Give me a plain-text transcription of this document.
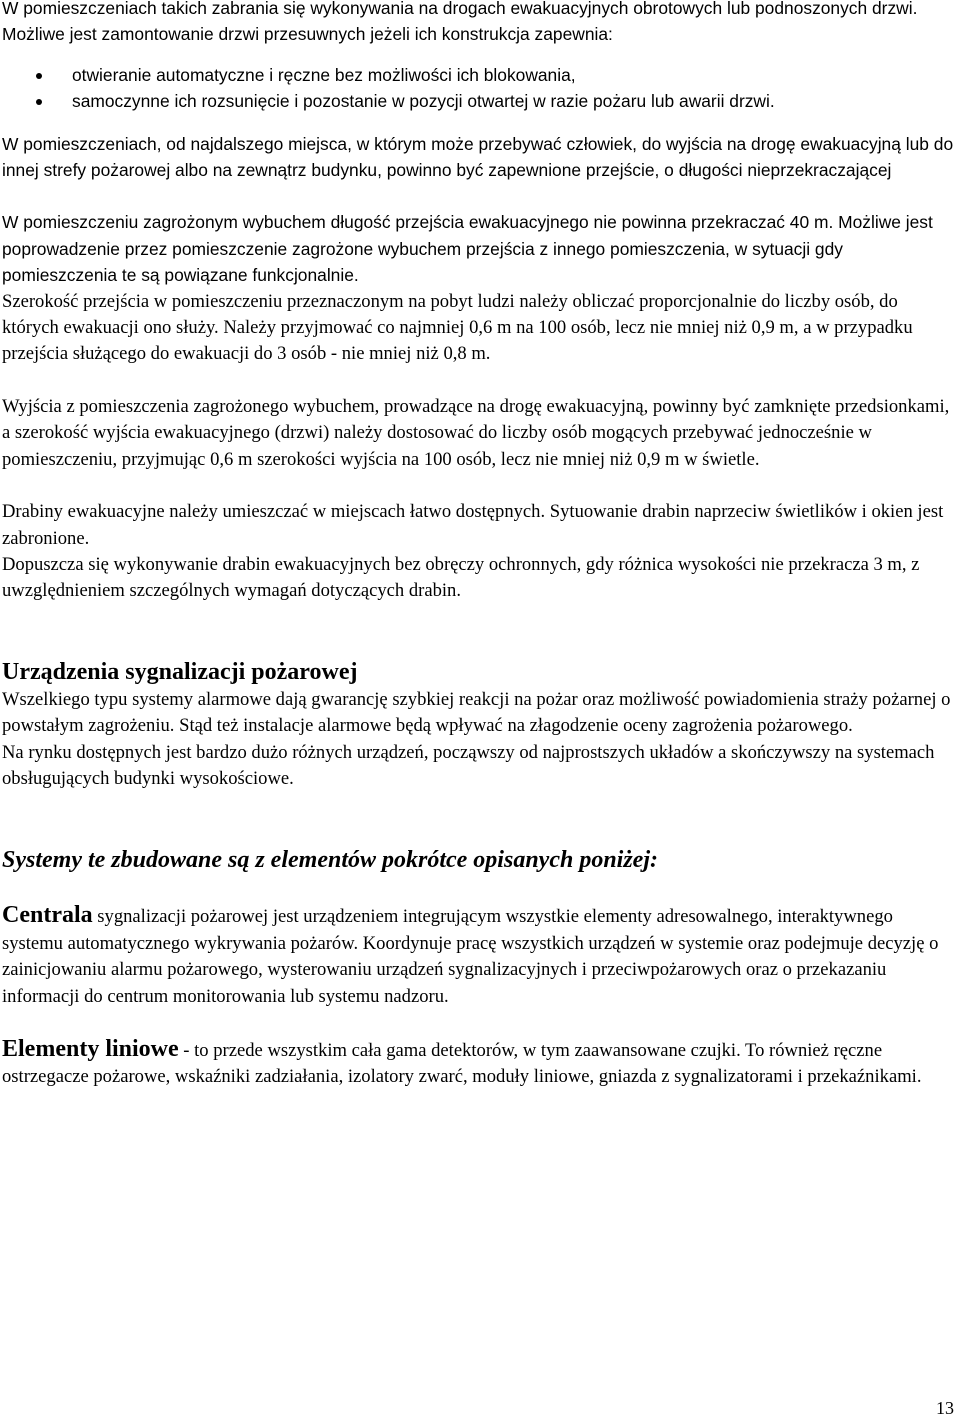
W pomieszczeniach takich zabrania się wykonywania na drogach ewakuacyjnych obrotowych lub podnoszonych drzwi. Możliwe jest zamontowanie drzwi przesuwnych jeżeli ich konstrukcja zapewnia:

otwieranie automatyczne i ręczne bez możliwości ich blokowania,
samoczynne ich rozsunięcie i pozostanie w pozycji otwartej w razie pożaru lub awarii drzwi.

W pomieszczeniach, od najdalszego miejsca, w którym może przebywać człowiek, do wyjścia na drogę ewakuacyjną lub do innej strefy pożarowej albo na zewnątrz budynku, powinno być zapewnione przejście, o długości nieprzekraczającej

W pomieszczeniu zagrożonym wybuchem długość przejścia ewakuacyjnego nie powinna przekraczać 40 m. Możliwe jest poprowadzenie przez pomieszczenie zagrożone wybuchem przejścia z innego pomieszczenia, w sytuacji gdy pomieszczenia te są powiązane funkcjonalnie.

Szerokość przejścia w pomieszczeniu przeznaczonym na pobyt ludzi należy obliczać proporcjonalnie do liczby osób, do których ewakuacji ono służy. Należy przyjmować co najmniej 0,6 m na 100 osób, lecz nie mniej niż 0,9 m, a w przypadku przejścia służącego do ewakuacji do 3 osób - nie mniej niż 0,8 m.

Wyjścia z pomieszczenia zagrożonego wybuchem, prowadzące na drogę ewakuacyjną, powinny być zamknięte przedsionkami, a szerokość wyjścia ewakuacyjnego (drzwi) należy dostosować do liczby osób mogących przebywać jednocześnie w pomieszczeniu, przyjmując 0,6 m szerokości wyjścia na 100 osób, lecz nie mniej niż 0,9 m w świetle.

Drabiny ewakuacyjne należy umieszczać w miejscach łatwo dostępnych. Sytuowanie drabin naprzeciw świetlików i okien jest zabronione.

Dopuszcza się wykonywanie drabin ewakuacyjnych bez obręczy ochronnych, gdy różnica wysokości nie przekracza 3 m, z uwzględnieniem szczególnych wymagań dotyczących drabin.

Urządzenia sygnalizacji pożarowej

Wszelkiego typu systemy alarmowe dają gwarancję szybkiej reakcji na pożar oraz możliwość powiadomienia straży pożarnej o powstałym zagrożeniu. Stąd też instalacje alarmowe będą wpływać na złagodzenie oceny zagrożenia pożarowego.

Na rynku dostępnych jest bardzo dużo różnych urządzeń, począwszy od najprostszych układów a skończywszy na systemach obsługujących budynki wysokościowe.

Systemy te zbudowane są z elementów pokrótce opisanych poniżej:

Centrala sygnalizacji pożarowej jest urządzeniem integrującym wszystkie elementy adresowalnego, interaktywnego systemu automatycznego wykrywania pożarów. Koordynuje pracę wszystkich urządzeń w systemie oraz podejmuje decyzję o zainicjowaniu alarmu pożarowego, wysterowaniu urządzeń sygnalizacyjnych i przeciwpożarowych oraz o przekazaniu informacji do centrum monitorowania lub systemu nadzoru.

Elementy liniowe - to przede wszystkim cała gama detektorów, w tym zaawansowane czujki. To również ręczne ostrzegacze pożarowe, wskaźniki zadziałania, izolatory zwarć, moduły liniowe, gniazda z sygnalizatorami i przekaźnikami.

13
